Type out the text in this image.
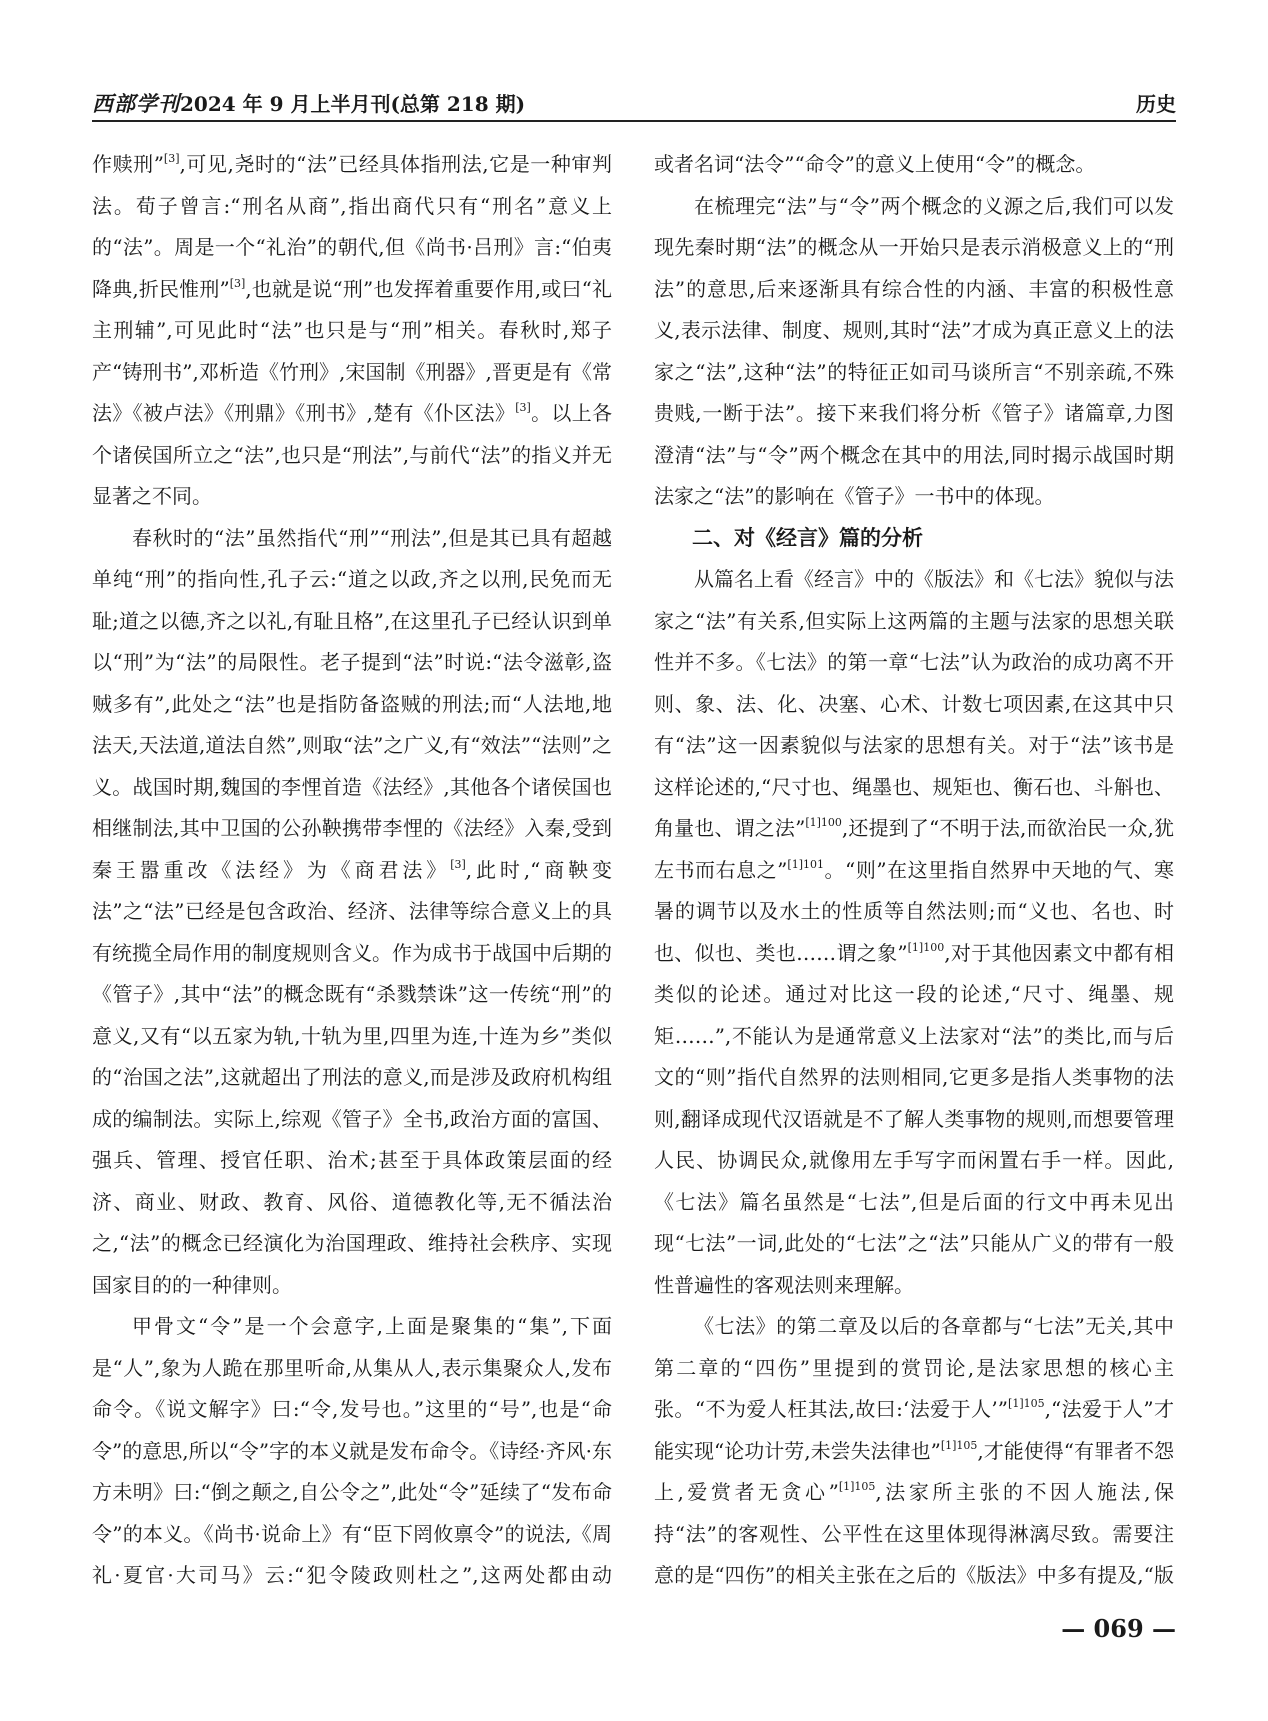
西部学刊2024 年 9 月上半月刊(总第 218 期)	历史

作赎刑”[3],可见,尧时的“法”已经具体指刑法,它是一种审判法。荀子曾言:“刑名从商”,指出商代只有“刑名”意义上的“法”。周是一个“礼治”的朝代,但《尚书·吕刑》言:“伯夷降典,折民惟刑”[3],也就是说“刑”也发挥着重要作用,或曰“礼主刑辅”,可见此时“法”也只是与“刑”相关。春秋时,郑子产“铸刑书”,邓析造《竹刑》,宋国制《刑器》,晋更是有《常法》《被卢法》《刑鼎》《刑书》,楚有《仆区法》[3]。以上各个诸侯国所立之“法”,也只是“刑法”,与前代“法”的指义并无显著之不同。

春秋时的“法”虽然指代“刑”“刑法”,但是其已具有超越单纯“刑”的指向性,孔子云:“道之以政,齐之以刑,民免而无耻;道之以德,齐之以礼,有耻且格”,在这里孔子已经认识到单以“刑”为“法”的局限性。老子提到“法”时说:“法令滋彰,盗贼多有”,此处之“法”也是指防备盗贼的刑法;而“人法地,地法天,天法道,道法自然”,则取“法”之广义,有“效法”“法则”之义。战国时期,魏国的李悝首造《法经》,其他各个诸侯国也相继制法,其中卫国的公孙鞅携带李悝的《法经》入秦,受到秦王嚣重改《法经》为《商君法》[3],此时,“商鞅变法”之“法”已经是包含政治、经济、法律等综合意义上的具有统揽全局作用的制度规则含义。作为成书于战国中后期的《管子》,其中“法”的概念既有“杀戮禁诛”这一传统“刑”的意义,又有“以五家为轨,十轨为里,四里为连,十连为乡”类似的“治国之法”,这就超出了刑法的意义,而是涉及政府机构组成的编制法。实际上,综观《管子》全书,政治方面的富国、强兵、管理、授官任职、治术;甚至于具体政策层面的经济、商业、财政、教育、风俗、道德教化等,无不循法治之,“法”的概念已经演化为治国理政、维持社会秩序、实现国家目的的一种律则。

甲骨文“令”是一个会意字,上面是聚集的“集”,下面是“人”,象为人跪在那里听命,从集从人,表示集聚众人,发布命令。《说文解字》曰:“令,发号也。”这里的“号”,也是“命令”的意思,所以“令”字的本义就是发布命令。《诗经·齐风·东方未明》曰:“倒之颠之,自公令之”,此处“令”延续了“发布命令”的本义。《尚书·说命上》有“臣下罔攸禀令”的说法,《周礼·夏官·大司马》云:“犯令陵政则杜之”,这两处都由动

或者名词“法令”“命令”的意义上使用“令”的概念。

在梳理完“法”与“令”两个概念的义源之后,我们可以发现先秦时期“法”的概念从一开始只是表示消极意义上的“刑法”的意思,后来逐渐具有综合性的内涵、丰富的积极性意义,表示法律、制度、规则,其时“法”才成为真正意义上的法家之“法”,这种“法”的特征正如司马谈所言“不别亲疏,不殊贵贱,一断于法”。接下来我们将分析《管子》诸篇章,力图澄清“法”与“令”两个概念在其中的用法,同时揭示战国时期法家之“法”的影响在《管子》一书中的体现。

二、对《经言》篇的分析

从篇名上看《经言》中的《版法》和《七法》貌似与法家之“法”有关系,但实际上这两篇的主题与法家的思想关联性并不多。《七法》的第一章“七法”认为政治的成功离不开则、象、法、化、决塞、心术、计数七项因素,在这其中只有“法”这一因素貌似与法家的思想有关。对于“法”该书是这样论述的,“尺寸也、绳墨也、规矩也、衡石也、斗斛也、角量也、谓之法”$^{[1]100}$,还提到了“不明于法,而欲治民一众,犹左书而右息之”$^{[1]101}$。“则”在这里指自然界中天地的气、寒暑的调节以及水土的性质等自然法则;而“义也、名也、时也、似也、类也……谓之象”$^{[1]100}$,对于其他因素文中都有相类似的论述。通过对比这一段的论述,“尺寸、绳墨、规矩……”,不能认为是通常意义上法家对“法”的类比,而与后文的“则”指代自然界的法则相同,它更多是指人类事物的法则,翻译成现代汉语就是不了解人类事物的规则,而想要管理人民、协调民众,就像用左手写字而闲置右手一样。因此,《七法》篇名虽然是“七法”,但是后面的行文中再未见出现“七法”一词,此处的“七法”之“法”只能从广义的带有一般性普遍性的客观法则来理解。

《七法》的第二章及以后的各章都与“七法”无关,其中第二章的“四伤”里提到的赏罚论,是法家思想的核心主张。“不为爱人枉其法,故曰:‘法爱于人’”$^{[1]105}$,“法爱于人”才能实现“论功计劳,未尝失法律也”$^{[1]105}$,才能使得“有罪者不怨上,爱赏者无贪心”$^{[1]105}$,法家所主张的不因人施法,保持“法”的客观性、公平性在这里体现得淋漓尽致。需要注意的是“四伤”的相关主张在之后的《版法》中多有提及,“版

— 069 —
